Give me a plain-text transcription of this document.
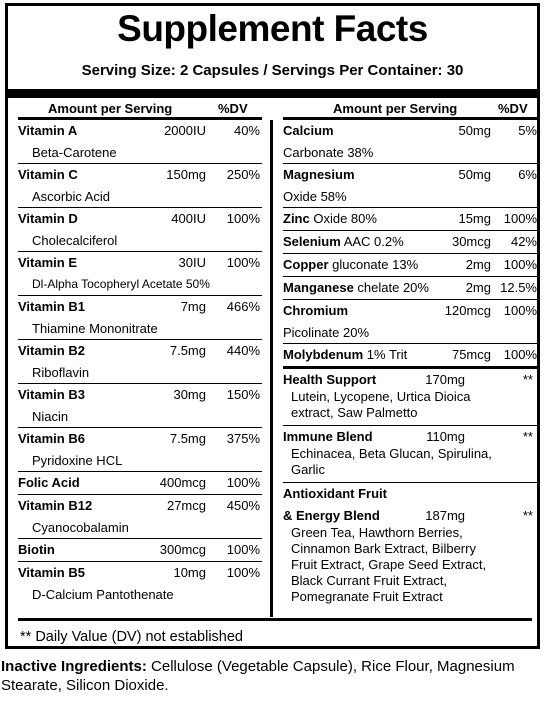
Supplement Facts
Serving Size: 2 Capsules / Servings Per Container: 30
Amount per Serving	%DV
Vitamin A	2000IU 40%
Beta-Carotene
Vitamin C	150mg 250%
Ascorbic Acid
Vitamin D	400IU 100%
Cholecalciferol
Vitamin E	30IU 100%
Dl-Alpha Tocopheryl Acetate 50%
Vitamin B1	7mg 466%
Thiamine Mononitrate
Vitamin B2	7.5mg 440%
Riboflavin
Vitamin B3	30mg 150%
Niacin
Vitamin B6	7.5mg 375%
Pyridoxine HCL
Folic Acid	400mcg 100%
Vitamin B12	27mcg 450%
Cyanocobalamin
Biotin	300mcg 100%
Vitamin B5	10mg 100%
D-Calcium Pantothenate
Amount per Serving	%DV
Calcium	50mg 5%
Carbonate 38%
Magnesium	50mg 6%
Oxide 58%
Zinc Oxide 80%	15mg 100%
Selenium AAC 0.2%	30mcg 42%
Copper gluconate 13%	2mg 100%
Manganese chelate 20%	2mg 12.5%
Chromium	120mcg 100%
Picolinate 20%
Molybdenum 1% Trit	75mcg 100%
Health Support	170mg	**
Lutein, Lycopene, Urtica Dioica
extract, Saw Palmetto
Immune Blend	110mg	**
Echinacea, Beta Glucan, Spirulina,
Garlic
Antioxidant Fruit
& Energy Blend	187mg	**
Green Tea, Hawthorn Berries,
Cinnamon Bark Extract, Bilberry
Fruit Extract, Grape Seed Extract,
Black Currant Fruit Extract,
Pomegranate Fruit Extract
** Daily Value (DV) not established
Inactive Ingredients: Cellulose (Vegetable Capsule), Rice Flour, Magnesium Stearate, Silicon Dioxide.
